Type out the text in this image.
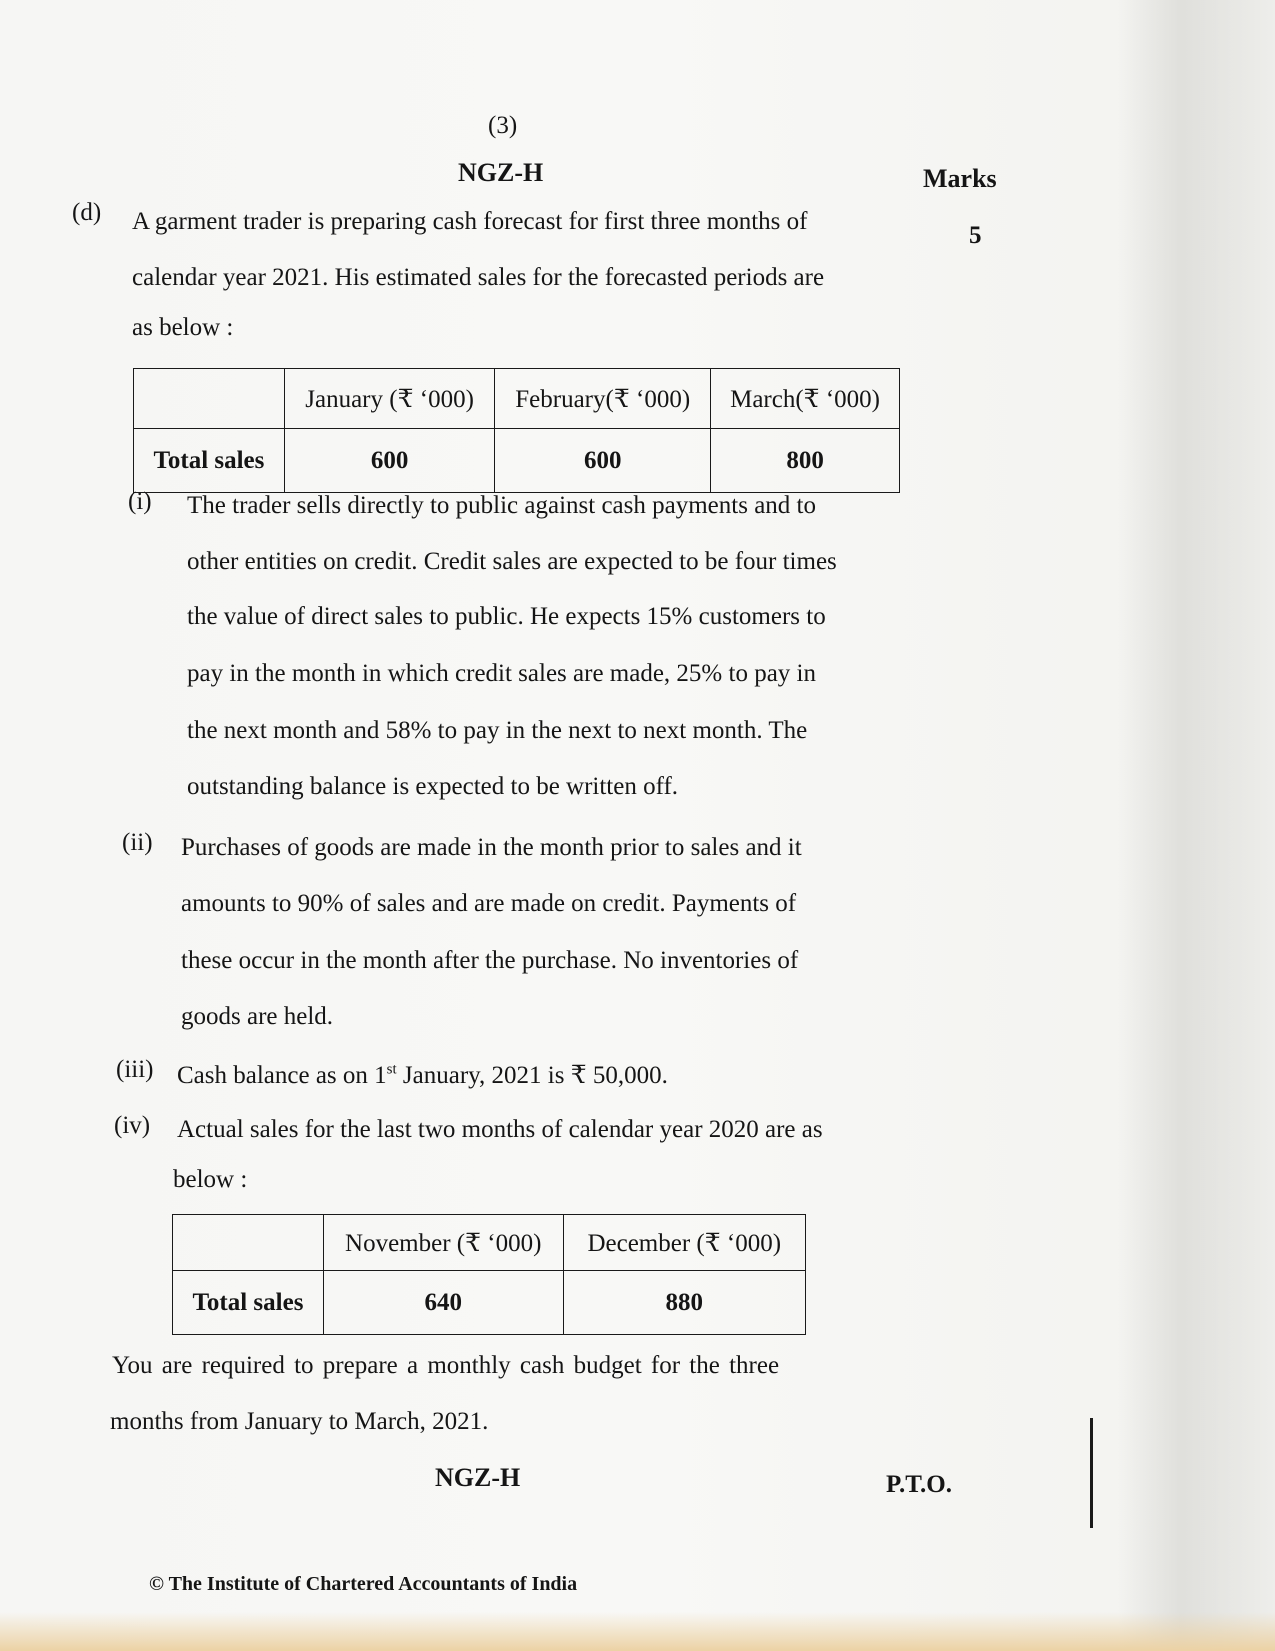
(3)
NGZ-H	Marks
5
(d) A garment trader is preparing cash forecast for first three months of
calendar year 2021. His estimated sales for the forecasted periods are
as below :
	January (₹ ‘000)	February(₹ ‘000)	March(₹ ‘000)
Total sales	600	600	800
(i) The trader sells directly to public against cash payments and to
other entities on credit. Credit sales are expected to be four times
the value of direct sales to public. He expects 15% customers to
pay in the month in which credit sales are made, 25% to pay in
the next month and 58% to pay in the next to next month. The
outstanding balance is expected to be written off.
(ii) Purchases of goods are made in the month prior to sales and it
amounts to 90% of sales and are made on credit. Payments of
these occur in the month after the purchase. No inventories of
goods are held.
(iii) Cash balance as on 1st January, 2021 is ₹ 50,000.
(iv) Actual sales for the last two months of calendar year 2020 are as
below :
	November (₹ ‘000)	December (₹ ‘000)
Total sales	640	880
You are required to prepare a monthly cash budget for the three
months from January to March, 2021.
NGZ-H	P.T.O.
© The Institute of Chartered Accountants of India
